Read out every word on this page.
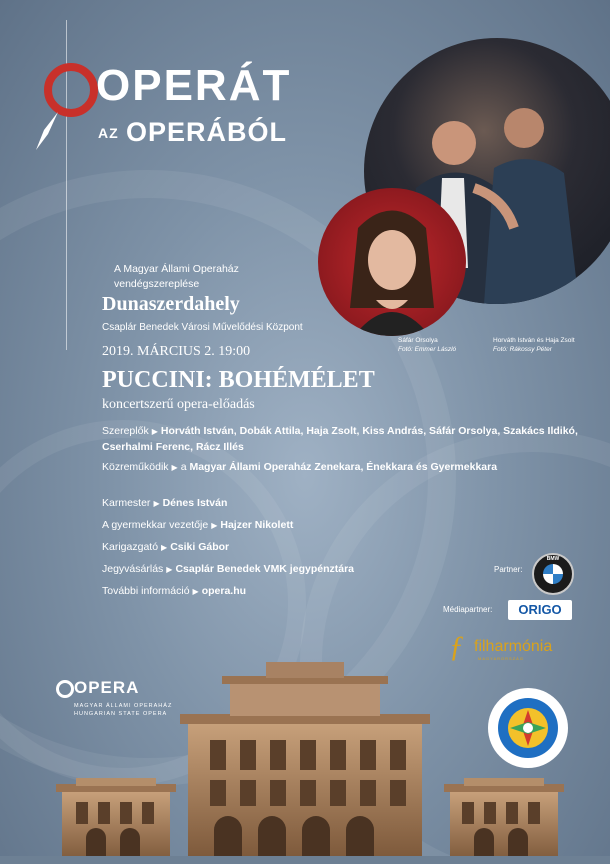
OPERÁT
AZ OPERÁBÓL
Sáfár Orsolya
Fotó: Emmer László
Horváth István és Haja Zsolt
Fotó: Rákossy Péter
A Magyar Állami Operaház
vendégszereplése
Dunaszerdahely
Csaplár Benedek Városi Művelődési Központ
2019. MÁRCIUS 2. 19:00
PUCCINI: BOHÉMÉLET
koncertszerű opera-előadás
Szereplők ▶ Horváth István, Dobák Attila, Haja Zsolt, Kiss András, Sáfár Orsolya, Szakács Ildikó,
Cserhalmi Ferenc, Rácz Illés
Közreműködik ▶ a Magyar Állami Operaház Zenekara, Énekkara és Gyermekkara
Karmester ▶ Dénes István
A gyermekkar vezetője ▶ Hajzer Nikolett
Karigazgató ▶ Csiki Gábor
Jegyvásárlás ▶ Csaplár Benedek VMK jegypénztára
További információ ▶ opera.hu
Partner:
BMW
Médiapartner:	ORIGO
ƒ filharmónia
MAGYARORSZÁG
OPERA
MAGYAR ÁLLAMI OPERAHÁZ
HUNGARIAN STATE OPERA
